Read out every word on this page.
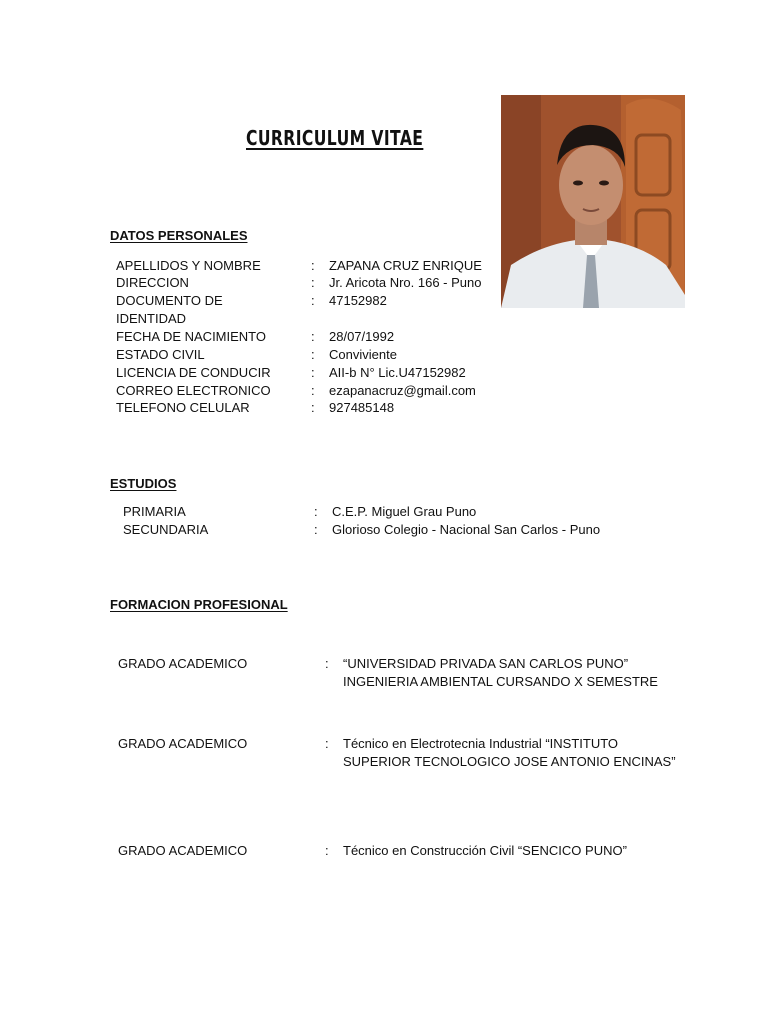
CURRICULUM VITAE
DATOS PERSONALES
APELLIDOS Y NOMBRE	: ZAPANA CRUZ ENRIQUE
DIRECCION	: Jr. Aricota Nro. 166 - Puno
DOCUMENTO DE	: 47152982
IDENTIDAD
FECHA DE NACIMIENTO	: 28/07/1992
ESTADO CIVIL	: Conviviente
LICENCIA DE CONDUCIR	: AII-b N° Lic.U47152982
CORREO ELECTRONICO	: ezapanacruz@gmail.com
TELEFONO CELULAR	: 927485148
ESTUDIOS
PRIMARIA	: C.E.P. Miguel Grau Puno
SECUNDARIA	: Glorioso Colegio - Nacional San Carlos - Puno
FORMACION PROFESIONAL
GRADO ACADEMICO	: “UNIVERSIDAD PRIVADA SAN CARLOS PUNO”
INGENIERIA AMBIENTAL CURSANDO X SEMESTRE
GRADO ACADEMICO	: Técnico en Electrotecnia Industrial “INSTITUTO
SUPERIOR TECNOLOGICO JOSE ANTONIO ENCINAS”
GRADO ACADEMICO	: Técnico en Construcción Civil “SENCICO PUNO”
